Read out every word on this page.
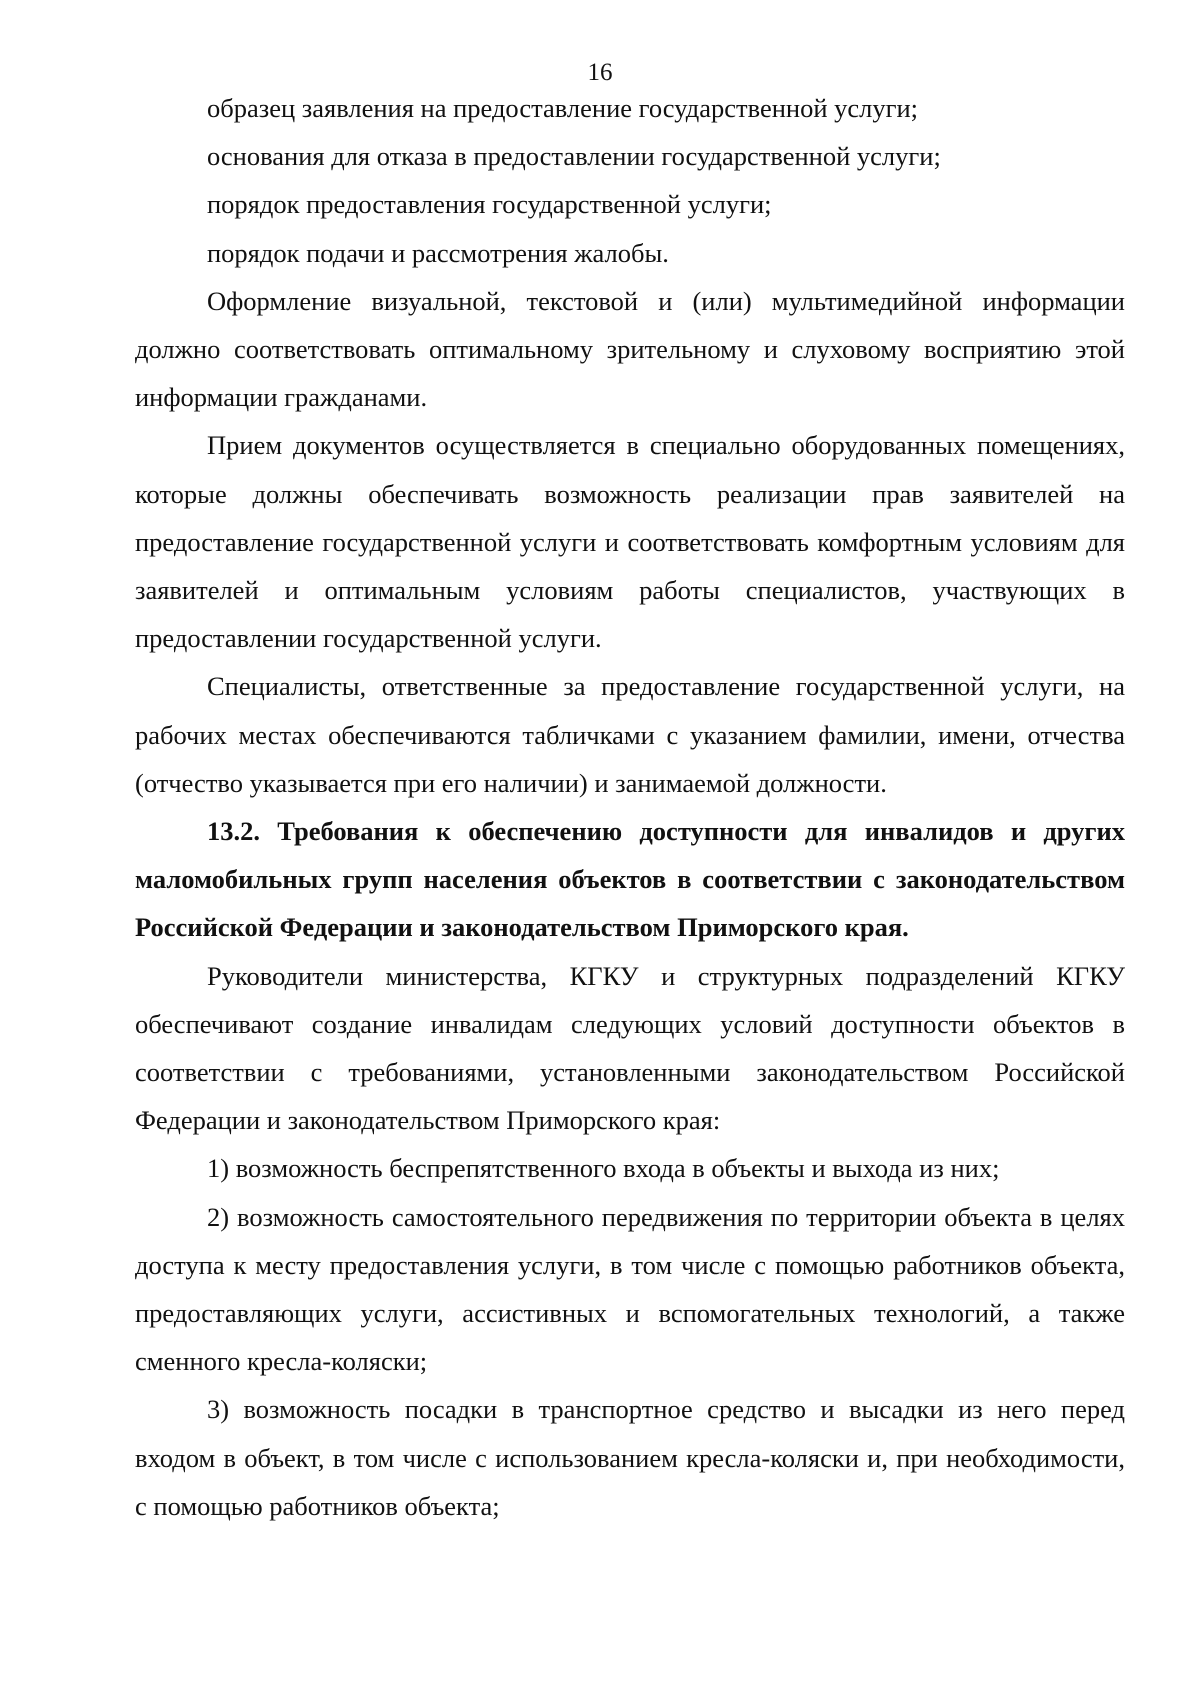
16

образец заявления на предоставление государственной услуги;

основания для отказа в предоставлении государственной услуги;

порядок предоставления государственной услуги;

порядок подачи и рассмотрения жалобы.

Оформление визуальной, текстовой и (или) мультимедийной информации должно соответствовать оптимальному зрительному и слуховому восприятию этой информации гражданами.

Прием документов осуществляется в специально оборудованных помещениях, которые должны обеспечивать возможность реализации прав заявителей на предоставление государственной услуги и соответствовать комфортным условиям для заявителей и оптимальным условиям работы специалистов, участвующих в предоставлении государственной услуги.

Специалисты, ответственные за предоставление государственной услуги, на рабочих местах обеспечиваются табличками с указанием фамилии, имени, отчества (отчество указывается при его наличии) и занимаемой должности.

13.2. Требования к обеспечению доступности для инвалидов и других маломобильных групп населения объектов в соответствии с законодательством Российской Федерации и законодательством Приморского края.

Руководители министерства, КГКУ и структурных подразделений КГКУ обеспечивают создание инвалидам следующих условий доступности объектов в соответствии с требованиями, установленными законодательством Российской Федерации и законодательством Приморского края:

1) возможность беспрепятственного входа в объекты и выхода из них;

2) возможность самостоятельного передвижения по территории объекта в целях доступа к месту предоставления услуги, в том числе с помощью работников объекта, предоставляющих услуги, ассистивных и вспомогательных технологий, а также сменного кресла-коляски;

3) возможность посадки в транспортное средство и высадки из него перед входом в объект, в том числе с использованием кресла-коляски и, при необходимости, с помощью работников объекта;
